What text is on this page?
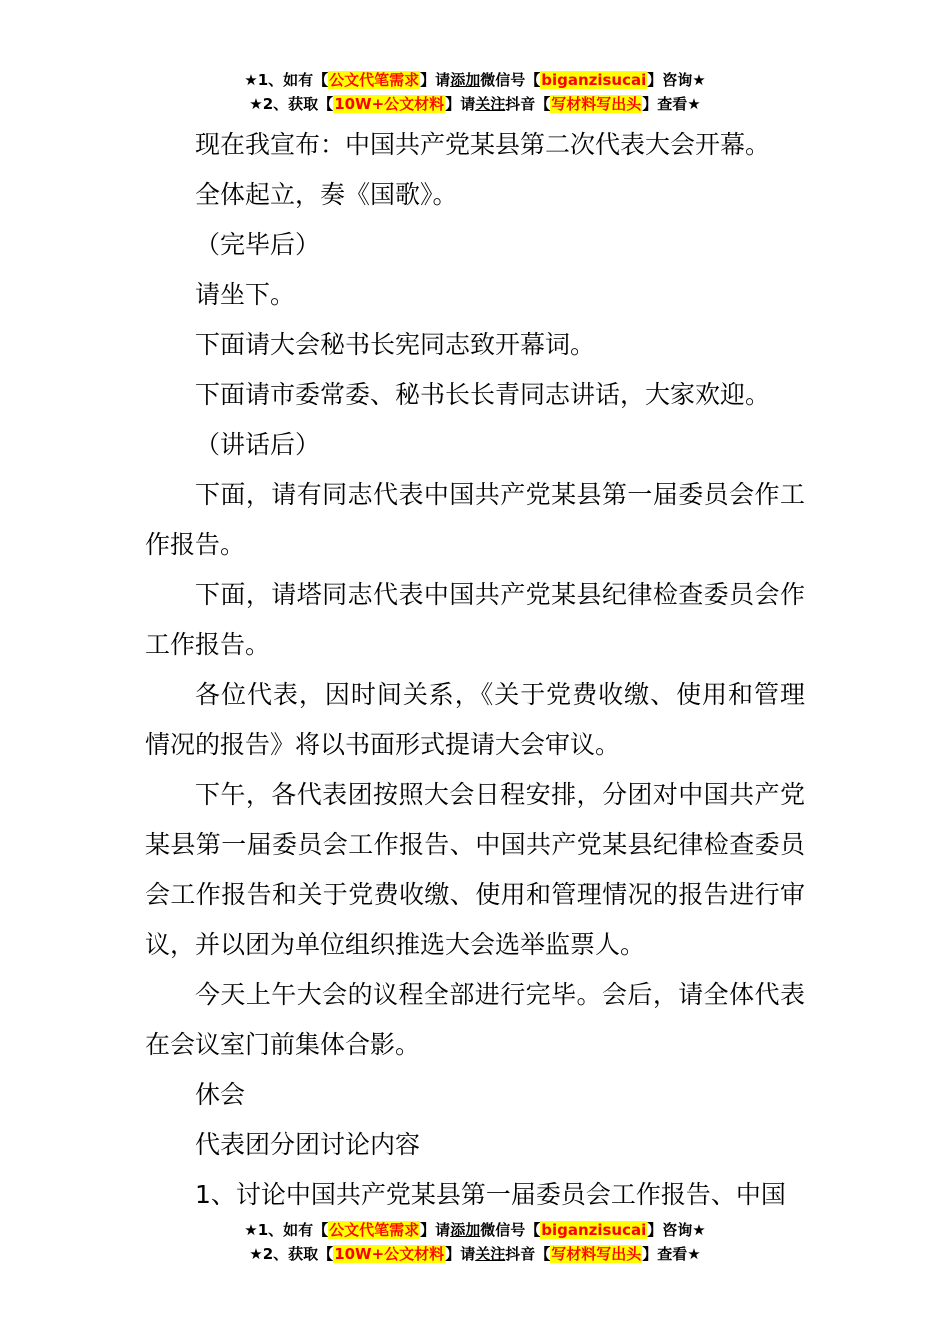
★1、如有【公文代笔需求】请添加微信号【biganzisucai】咨询★
★2、获取【10W+公文材料】请关注抖音【写材料写出头】查看★

现在我宣布：中国共产党某县第二次代表大会开幕。

全体起立，奏《国歌》。

（完毕后）

请坐下。

下面请大会秘书长宪同志致开幕词。

下面请市委常委、秘书长长青同志讲话，大家欢迎。

（讲话后）

下面，请有同志代表中国共产党某县第一届委员会作工作报告。

下面，请塔同志代表中国共产党某县纪律检查委员会作工作报告。

各位代表，因时间关系，《关于党费收缴、使用和管理情况的报告》将以书面形式提请大会审议。

下午，各代表团按照大会日程安排，分团对中国共产党某县第一届委员会工作报告、中国共产党某县纪律检查委员会工作报告和关于党费收缴、使用和管理情况的报告进行审议，并以团为单位组织推选大会选举监票人。

今天上午大会的议程全部进行完毕。会后，请全体代表在会议室门前集体合影。

休会

代表团分团讨论内容

1、讨论中国共产党某县第一届委员会工作报告、中国

★1、如有【公文代笔需求】请添加微信号【biganzisucai】咨询★
★2、获取【10W+公文材料】请关注抖音【写材料写出头】查看★
